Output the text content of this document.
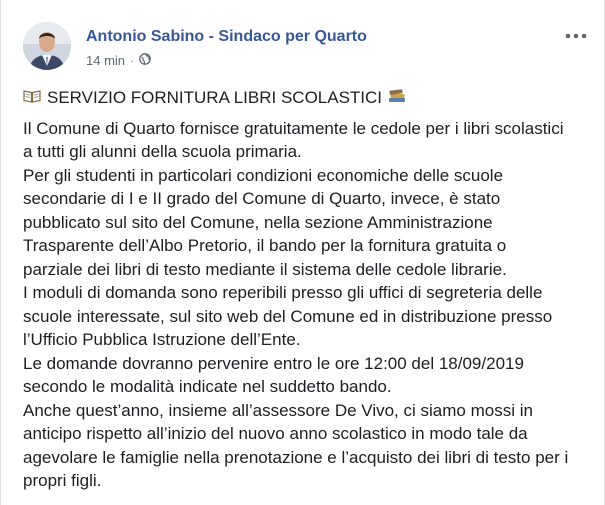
Antonio Sabino - Sindaco per Quarto
14 min ·
SERVIZIO FORNITURA LIBRI SCOLASTICI

Il Comune di Quarto fornisce gratuitamente le cedole per i libri scolastici

a tutti gli alunni della scuola primaria.

Per gli studenti in particolari condizioni economiche delle scuole

secondarie di I e II grado del Comune di Quarto, invece, è stato

pubblicato sul sito del Comune, nella sezione Amministrazione

Trasparente dell’Albo Pretorio, il bando per la fornitura gratuita o

parziale dei libri di testo mediante il sistema delle cedole librarie.

I moduli di domanda sono reperibili presso gli uffici di segreteria delle

scuole interessate, sul sito web del Comune ed in distribuzione presso

l’Ufficio Pubblica Istruzione dell’Ente.

Le domande dovranno pervenire entro le ore 12:00 del 18/09/2019

secondo le modalità indicate nel suddetto bando.

Anche quest’anno, insieme all’assessore De Vivo, ci siamo mossi in

anticipo rispetto all’inizio del nuovo anno scolastico in modo tale da

agevolare le famiglie nella prenotazione e l’acquisto dei libri di testo per i

propri figli.
